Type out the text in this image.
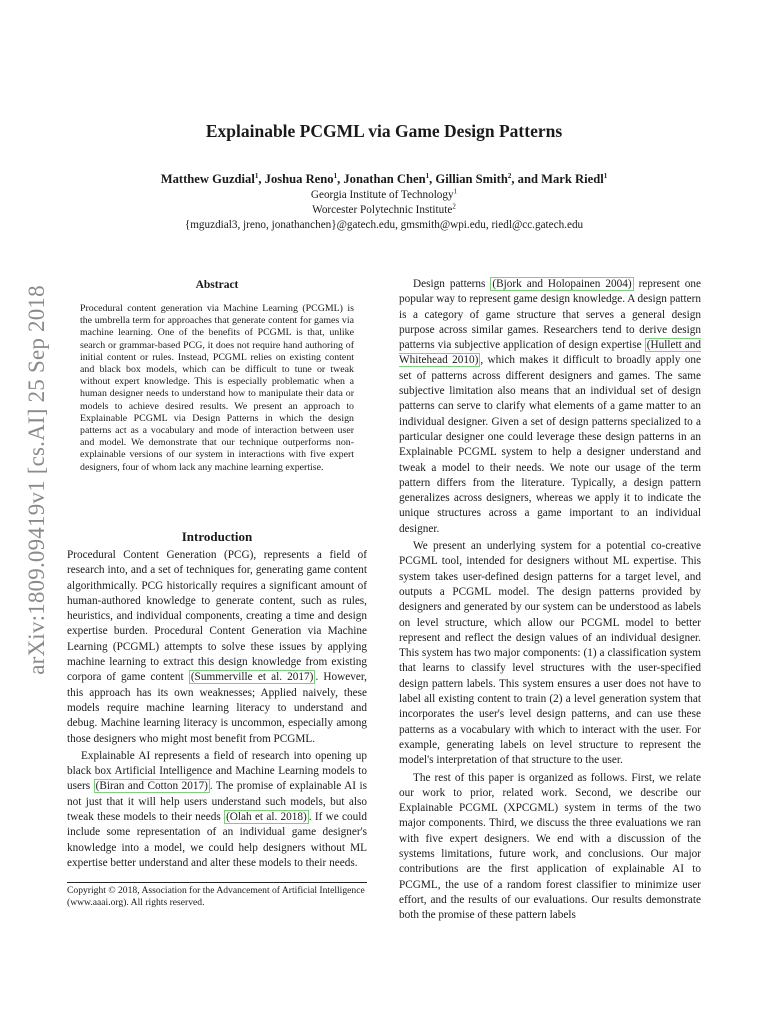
arXiv:1809.09419v1 [cs.AI] 25 Sep 2018
Explainable PCGML via Game Design Patterns
Matthew Guzdial$^1$, Joshua Reno$^1$, Jonathan Chen$^1$, Gillian Smith$^2$, and Mark Riedl$^1$
Georgia Institute of Technology$^1$
Worcester Polytechnic Institute$^2$
{mguzdial3, jreno, jonathanchen}@gatech.edu, gmsmith@wpi.edu, riedl@cc.gatech.edu
Abstract

Procedural content generation via Machine Learning (PCGML) is the umbrella term for approaches that generate content for games via machine learning. One of the benefits of PCGML is that, unlike search or grammar-based PCG, it does not require hand authoring of initial content or rules. Instead, PCGML relies on existing content and black box models, which can be difficult to tune or tweak without expert knowledge. This is especially problematic when a human designer needs to understand how to manipulate their data or models to achieve desired results. We present an approach to Explainable PCGML via Design Patterns in which the design patterns act as a vocabulary and mode of interaction between user and model. We demonstrate that our technique outperforms non-explainable versions of our system in interactions with five expert designers, four of whom lack any machine learning expertise.

Introduction

Procedural Content Generation (PCG), represents a field of research into, and a set of techniques for, generating game content algorithmically. PCG historically requires a significant amount of human-authored knowledge to generate content, such as rules, heuristics, and individual components, creating a time and design expertise burden. Procedural Content Generation via Machine Learning (PCGML) attempts to solve these issues by applying machine learning to extract this design knowledge from existing corpora of game content (Summerville et al. 2017) . However, this approach has its own weaknesses; Applied naively, these models require machine learning literacy to understand and debug. Machine learning literacy is uncommon, especially among those designers who might most benefit from PCGML.

Explainable AI represents a field of research into opening up black box Artificial Intelligence and Machine Learning models to users (Biran and Cotton 2017) . The promise of explainable AI is not just that it will help users understand such models, but also tweak these models to their needs (Olah et al. 2018) . If we could include some representation of an individual game designer's knowledge into a model, we could help designers without ML expertise better understand and alter these models to their needs.

Copyright © 2018, Association for the Advancement of Artificial Intelligence (www.aaai.org). All rights reserved.

Design patterns (Bjork and Holopainen 2004) represent one popular way to represent game design knowledge. A design pattern is a category of game structure that serves a general design purpose across similar games. Researchers tend to derive design patterns via subjective application of design expertise (Hullett and Whitehead 2010) , which makes it difficult to broadly apply one set of patterns across different designers and games. The same subjective limitation also means that an individual set of design patterns can serve to clarify what elements of a game matter to an individual designer. Given a set of design patterns specialized to a particular designer one could leverage these design patterns in an Explainable PCGML system to help a designer understand and tweak a model to their needs. We note our usage of the term pattern differs from the literature. Typically, a design pattern generalizes across designers, whereas we apply it to indicate the unique structures across a game important to an individual designer.

We present an underlying system for a potential co-creative PCGML tool, intended for designers without ML expertise. This system takes user-defined design patterns for a target level, and outputs a PCGML model. The design patterns provided by designers and generated by our system can be understood as labels on level structure, which allow our PCGML model to better represent and reflect the design values of an individual designer. This system has two major components: (1) a classification system that learns to classify level structures with the user-specified design pattern labels. This system ensures a user does not have to label all existing content to train (2) a level generation system that incorporates the user's level design patterns, and can use these patterns as a vocabulary with which to interact with the user. For example, generating labels on level structure to represent the model's interpretation of that structure to the user.

The rest of this paper is organized as follows. First, we relate our work to prior, related work. Second, we describe our Explainable PCGML (XPCGML) system in terms of the two major components. Third, we discuss the three evaluations we ran with five expert designers. We end with a discussion of the systems limitations, future work, and conclusions. Our major contributions are the first application of explainable AI to PCGML, the use of a random forest classifier to minimize user effort, and the results of our evaluations. Our results demonstrate both the promise of these pattern labels
